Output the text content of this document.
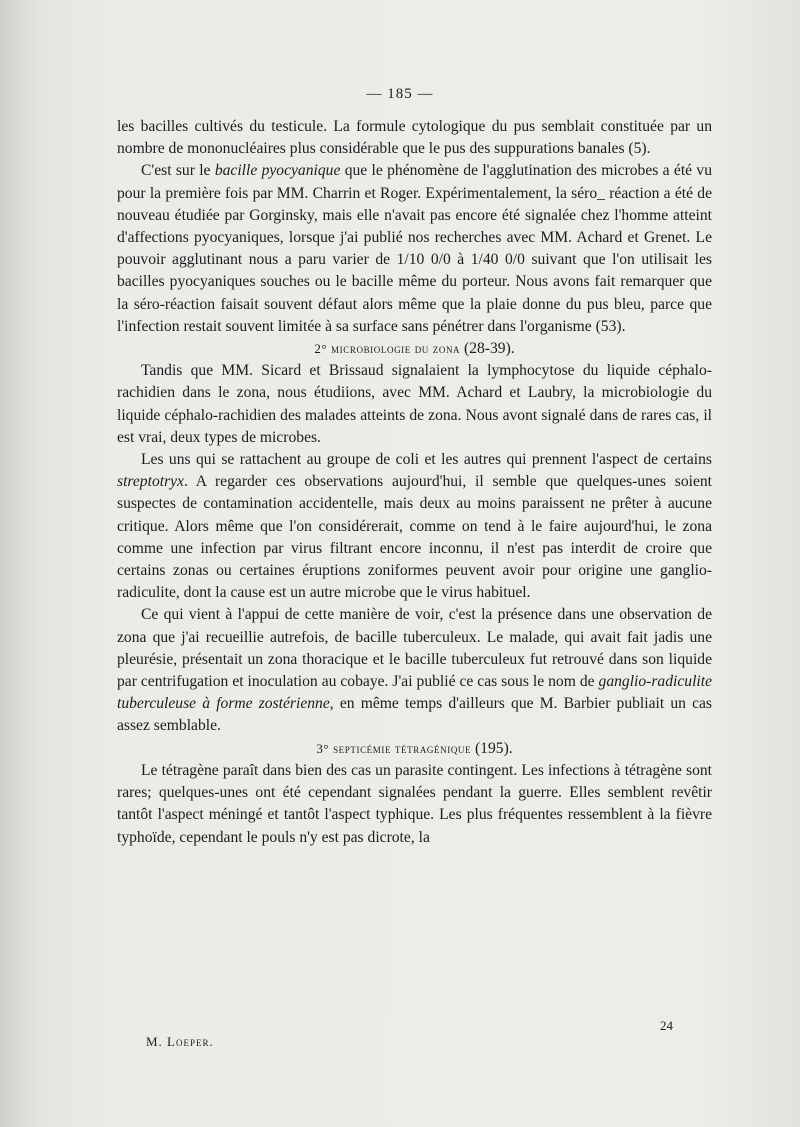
— 185 —

les bacilles cultivés du testicule. La formule cytologique du pus semblait constituée par un nombre de mononucléaires plus considérable que le pus des suppurations banales (5).

C'est sur le bacille pyocyanique que le phénomène de l'agglutination des microbes a été vu pour la première fois par MM. Charrin et Roger. Expérimentalement, la séro_ réaction a été de nouveau étudiée par Gorginsky, mais elle n'avait pas encore été signalée chez l'homme atteint d'affections pyocyaniques, lorsque j'ai publié nos recherches avec MM. Achard et Grenet. Le pouvoir agglutinant nous a paru varier de 1/10 0/0 à 1/40 0/0 suivant que l'on utilisait les bacilles pyocyaniques souches ou le bacille même du porteur. Nous avons fait remarquer que la séro-réaction faisait souvent défaut alors même que la plaie donne du pus bleu, parce que l'infection restait souvent limitée à sa surface sans pénétrer dans l'organisme (53).

2° microbiologie du zona (28-39).

Tandis que MM. Sicard et Brissaud signalaient la lymphocytose du liquide céphalo-rachidien dans le zona, nous étudiions, avec MM. Achard et Laubry, la microbiologie du liquide céphalo-rachidien des malades atteints de zona. Nous avont signalé dans de rares cas, il est vrai, deux types de microbes.

Les uns qui se rattachent au groupe de coli et les autres qui prennent l'aspect de certains streptotryx. A regarder ces observations aujourd'hui, il semble que quelques-unes soient suspectes de contamination accidentelle, mais deux au moins paraissent ne prêter à aucune critique. Alors même que l'on considérerait, comme on tend à le faire aujourd'hui, le zona comme une infection par virus filtrant encore inconnu, il n'est pas interdit de croire que certains zonas ou certaines éruptions zoniformes peuvent avoir pour origine une ganglio-radiculite, dont la cause est un autre microbe que le virus habituel.

Ce qui vient à l'appui de cette manière de voir, c'est la présence dans une observation de zona que j'ai recueillie autrefois, de bacille tuberculeux. Le malade, qui avait fait jadis une pleurésie, présentait un zona thoracique et le bacille tuberculeux fut retrouvé dans son liquide par centrifugation et inoculation au cobaye. J'ai publié ce cas sous le nom de ganglio-radiculite tuberculeuse à forme zostérienne, en même temps d'ailleurs que M. Barbier publiait un cas assez semblable.

3° septicémie tétragénique (195).

Le tétragène paraît dans bien des cas un parasite contingent. Les infections à tétragène sont rares; quelques-unes ont été cependant signalées pendant la guerre. Elles semblent revêtir tantôt l'aspect méningé et tantôt l'aspect typhique. Les plus fréquentes ressemblent à la fièvre typhoïde, cependant le pouls n'y est pas dicrote, la

24
M. Loeper.
